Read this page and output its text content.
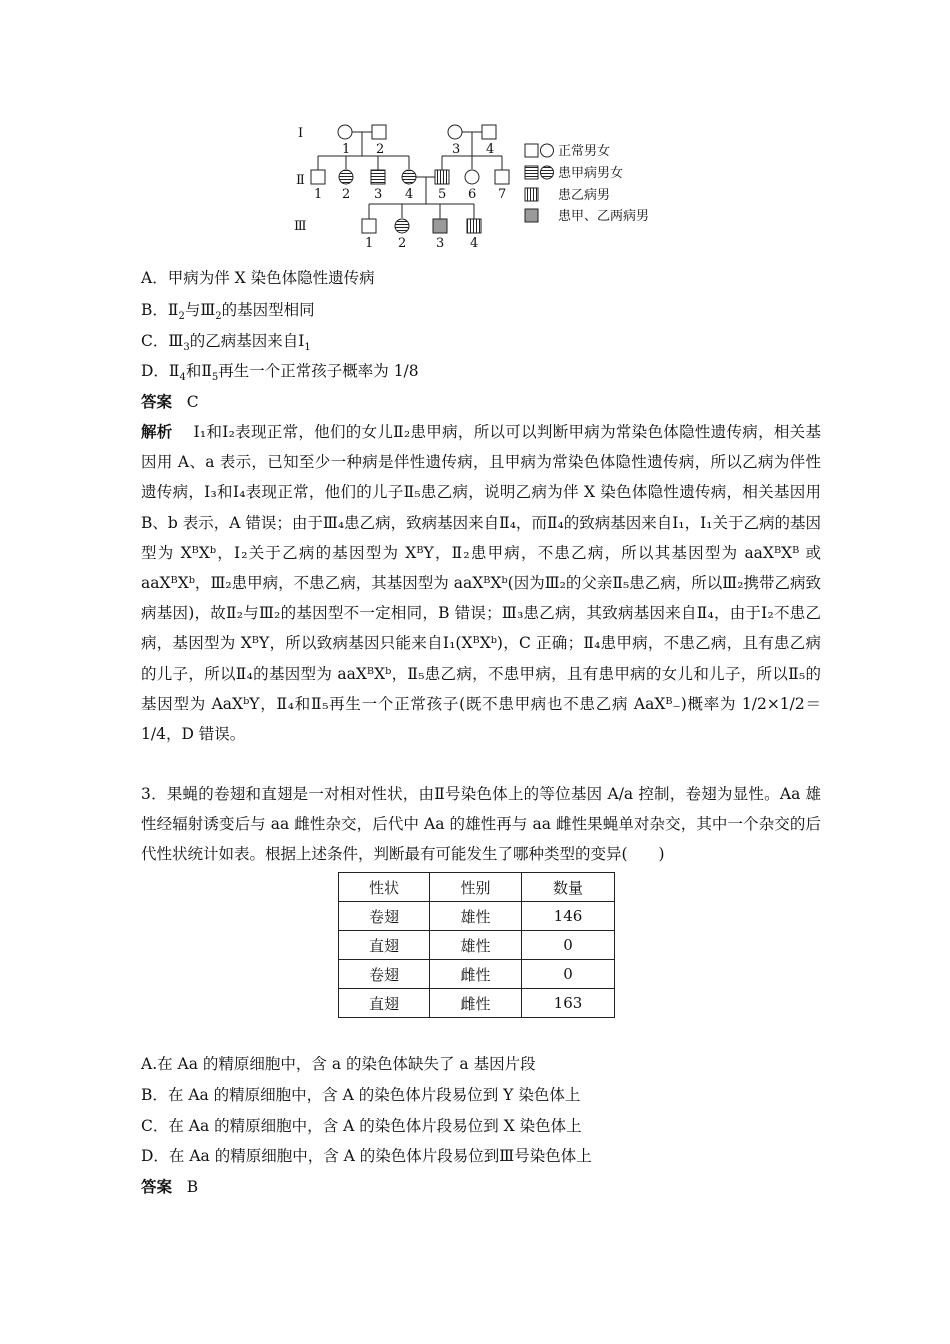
Ⅰ
Ⅱ
Ⅲ
1 2	3 4
1 2 3 4 5 6 7
1 2 3 4
正常男女
患甲病男女
患乙病男
患甲、乙两病男
A．甲病为伴 X 染色体隐性遗传病
B．$Ⅱ_2$与$Ⅲ_2$的基因型相同
C．$Ⅲ_3$的乙病基因来自$Ⅰ_1$
D．$Ⅱ_4$和$Ⅱ_5$再生一个正常孩子概率为 1/8
答案 C
解析 Ⅰ₁和Ⅰ₂表现正常，他们的女儿Ⅱ₂患甲病，所以可以判断甲病为常染色体隐性遗传病，相关基因用 A、a 表示，已知至少一种病是伴性遗传病，且甲病为常染色体隐性遗传病，所以乙病为伴性遗传病，Ⅰ₃和Ⅰ₄表现正常，他们的儿子Ⅱ₅患乙病，说明乙病为伴 X 染色体隐性遗传病，相关基因用 B、b 表示，A 错误；由于Ⅲ₄患乙病，致病基因来自Ⅱ₄，而Ⅱ₄的致病基因来自Ⅰ₁，Ⅰ₁关于乙病的基因型为 XᴮXᵇ，Ⅰ₂关于乙病的基因型为 XᴮY，Ⅱ₂患甲病，不患乙病，所以其基因型为 aaXᴮXᴮ 或 aaXᴮXᵇ，Ⅲ₂患甲病，不患乙病，其基因型为 aaXᴮXᵇ(因为Ⅲ₂的父亲Ⅱ₅患乙病，所以Ⅲ₂携带乙病致病基因)，故Ⅱ₂与Ⅲ₂的基因型不一定相同，B 错误；Ⅲ₃患乙病，其致病基因来自Ⅱ₄，由于Ⅰ₂不患乙病，基因型为 XᴮY，所以致病基因只能来自Ⅰ₁(XᴮXᵇ)，C 正确；Ⅱ₄患甲病，不患乙病，且有患乙病的儿子，所以Ⅱ₄的基因型为 aaXᴮXᵇ，Ⅱ₅患乙病，不患甲病，且有患甲病的女儿和儿子，所以Ⅱ₅的基因型为 AaXᵇY，Ⅱ₄和Ⅱ₅再生一个正常孩子(既不患甲病也不患乙病 AaXᴮ₋)概率为 1/2×1/2＝1/4，D 错误。
3．果蝇的卷翅和直翅是一对相对性状，由Ⅱ号染色体上的等位基因 A/a 控制，卷翅为显性。Aa 雄性经辐射诱变后与 aa 雌性杂交，后代中 Aa 的雄性再与 aa 雌性果蝇单对杂交，其中一个杂交的后代性状统计如表。根据上述条件，判断最有可能发生了哪种类型的变异(　　)
性状	性别	数量
卷翅	雄性	146
直翅	雄性	0
卷翅	雌性	0
直翅	雌性	163
A.在 Aa 的精原细胞中，含 a 的染色体缺失了 a 基因片段
B．在 Aa 的精原细胞中，含 A 的染色体片段易位到 Y 染色体上
C．在 Aa 的精原细胞中，含 A 的染色体片段易位到 X 染色体上
D．在 Aa 的精原细胞中，含 A 的染色体片段易位到Ⅲ号染色体上
答案 B
